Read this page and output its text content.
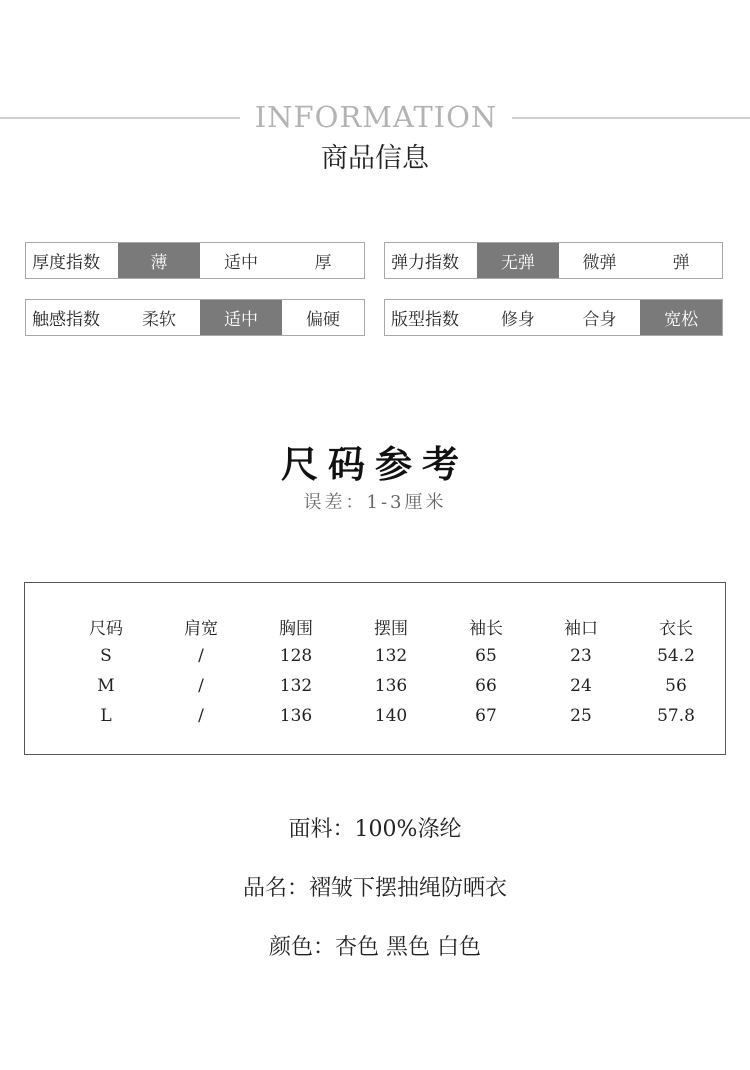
INFORMATION
商品信息
厚度指数	薄	适中	厚	弹力指数	无弹	微弹	弹
触感指数	柔软	适中	偏硬	版型指数	修身	合身	宽松
尺码参考
误差：1-3厘米
尺码	肩宽	胸围	摆围	袖长	袖口	衣长
S	/	128	132	65	23	54.2
M	/	132	136	66	24	56
L	/	136	140	67	25	57.8
面料：100%涤纶
品名：褶皱下摆抽绳防晒衣
颜色：杏色 黑色 白色
